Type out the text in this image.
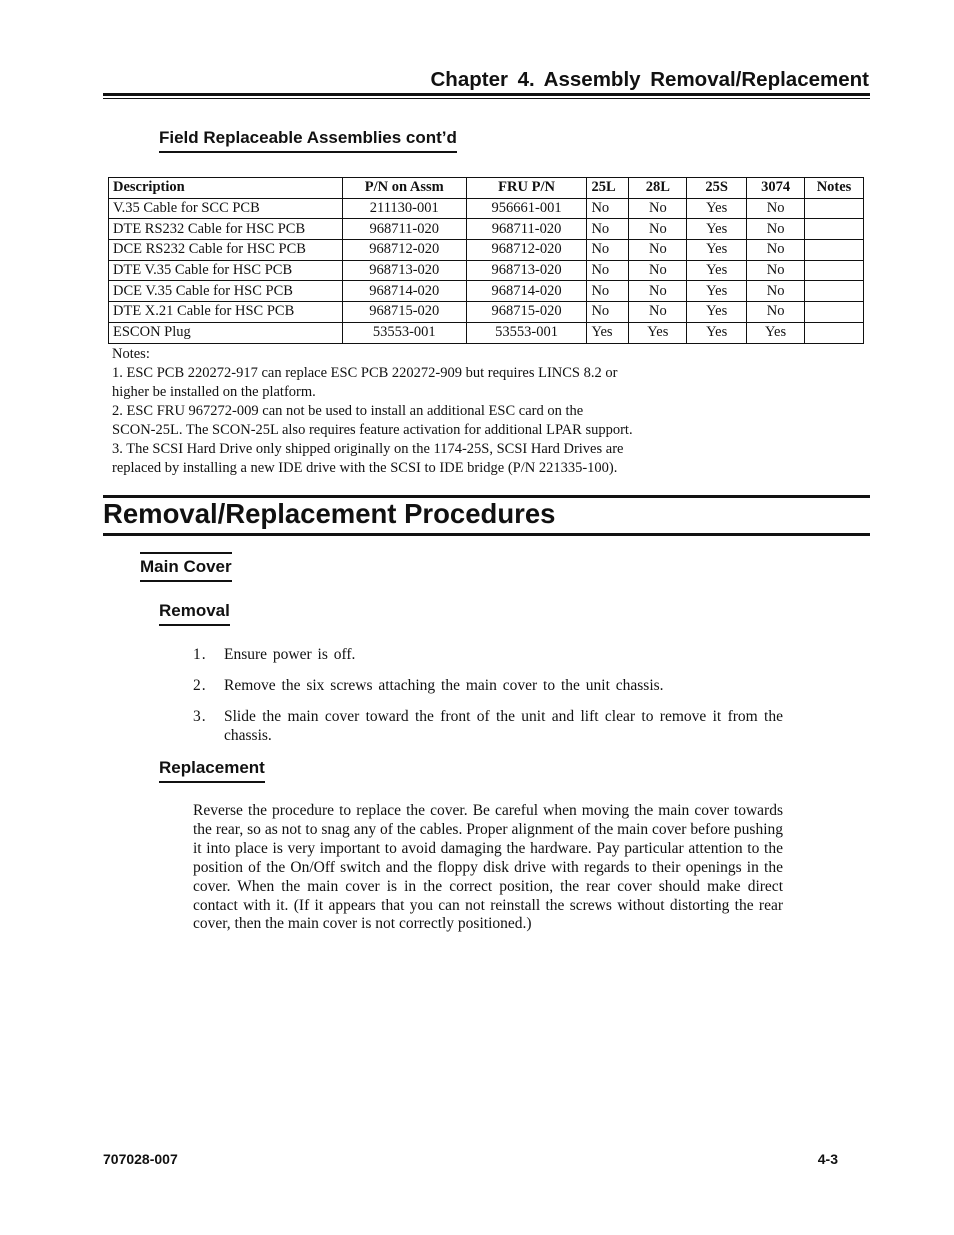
Chapter 4. Assembly Removal/Replacement
Field Replaceable Assemblies cont’d
Description	P/N on Assm	FRU P/N	25L	28L	25S	3074	Notes
V.35 Cable for SCC PCB	211130-001	956661-001	No	No	Yes	No	
DTE RS232 Cable for HSC PCB	968711-020	968711-020	No	No	Yes	No	
DCE RS232 Cable for HSC PCB	968712-020	968712-020	No	No	Yes	No	
DTE V.35 Cable for HSC PCB	968713-020	968713-020	No	No	Yes	No	
DCE V.35 Cable for HSC PCB	968714-020	968714-020	No	No	Yes	No	
DTE X.21 Cable for HSC PCB	968715-020	968715-020	No	No	Yes	No	
ESCON Plug	53553-001	53553-001	Yes	Yes	Yes	Yes	
Notes:
1. ESC PCB 220272-917 can replace ESC PCB 220272-909 but requires LINCS 8.2 or
higher be installed on the platform.
2. ESC FRU 967272-009 can not be used to install an additional ESC card on the
SCON-25L. The SCON-25L also requires feature activation for additional LPAR support.
3. The SCSI Hard Drive only shipped originally on the 1174-25S, SCSI Hard Drives are
replaced by installing a new IDE drive with the SCSI to IDE bridge (P/N 221335-100).
Removal/Replacement Procedures
Main Cover
Removal
1.	Ensure power is off.
2.	Remove the six screws attaching the main cover to the unit chassis.
3.	Slide the main cover toward the front of the unit and lift clear to remove it from the chassis.
Replacement
Reverse the procedure to replace the cover. Be careful when moving the main cover towards the rear, so as not to snag any of the cables. Proper alignment of the main cover before pushing it into place is very important to avoid damaging the hardware. Pay particular attention to the position of the On/Off switch and the floppy disk drive with regards to their openings in the cover. When the main cover is in the correct position, the rear cover should make direct contact with it. (If it appears that you can not reinstall the screws without distorting the rear cover, then the main cover is not correctly positioned.)
707028-007	4-3
